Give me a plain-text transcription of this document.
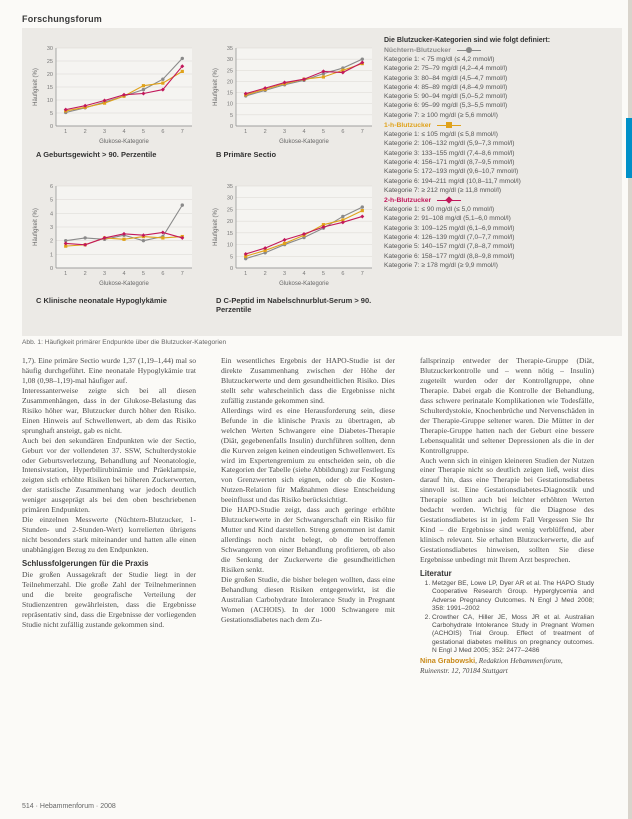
Forschungsforum
0
5
10
15
20
25
30
1	2	3	4	5	6	7
Glukose-Kategorie
Häufigkeit (%)
A Geburtsgewicht > 90. Perzentile
0
5
10
15
20
25
30
35
1	2	3	4	5	6	7
Glukose-Kategorie
Häufigkeit (%)
B Primäre Sectio
0
1
2
3
4
5
6
1	2	3	4	5	6	7
Glukose-Kategorie
Häufigkeit (%)
C Klinische neonatale Hypoglykämie
0
5
10
15
20
25
30
35
1	2	3	4	5	6	7
Glukose-Kategorie
Häufigkeit (%)
D C-Peptid im Nabelschnurblut-Serum > 90. Perzentile
Die Blutzucker-Kategorien sind wie folgt definiert:
Nüchtern-Blutzucker
Kategorie 1: < 75 mg/dl (≤ 4,2 mmol/l)
Kategorie 2: 75–79 mg/dl (4,2–4,4 mmol/l)
Kategorie 3: 80–84 mg/dl (4,5–4,7 mmol/l)
Kategorie 4: 85–89 mg/dl (4,8–4,9 mmol/l)
Kategorie 5: 90–94 mg/dl (5,0–5,2 mmol/l)
Kategorie 6: 95–99 mg/dl (5,3–5,5 mmol/l)
Kategorie 7: ≥ 100 mg/dl (≥ 5,6 mmol/l)
1-h-Blutzucker
Kategorie 1: ≤ 105 mg/dl (≤ 5,8 mmol/l)
Kategorie 2: 106–132 mg/dl (5,9–7,3 mmol/l)
Kategorie 3: 133–155 mg/dl (7,4–8,6 mmol/l)
Kategorie 4: 156–171 mg/dl (8,7–9,5 mmol/l)
Kategorie 5: 172–193 mg/dl (9,6–10,7 mmol/l)
Kategorie 6: 194–211 mg/dl (10,8–11,7 mmol/l)
Kategorie 7: ≥ 212 mg/dl (≥ 11,8 mmol/l)
2-h-Blutzucker
Kategorie 1: ≤ 90 mg/dl (≤ 5,0 mmol/l)
Kategorie 2: 91–108 mg/dl (5,1–6,0 mmol/l)
Kategorie 3: 109–125 mg/dl (6,1–6,9 mmol/l)
Kategorie 4: 126–139 mg/dl (7,0–7,7 mmol/l)
Kategorie 5: 140–157 mg/dl (7,8–8,7 mmol/l)
Kategorie 6: 158–177 mg/dl (8,8–9,8 mmol/l)
Kategorie 7: ≥ 178 mg/dl (≥ 9,9 mmol/l)
Abb. 1: Häufigkeit primärer Endpunkte über die Blutzucker-Kategorien

1,7). Eine primäre Sectio wurde 1,37 (1,19–1,44) mal so häufig durchgeführt. Eine neonatale Hypoglykämie trat 1,08 (0,98–1,19)-mal häufiger auf.

Interessanterweise zeigte sich bei all diesen Zusammenhängen, dass in der Glukose-Belastung das Risiko höher war, Blutzucker durch höher den Risiko. Einen Hinweis auf Schwellenwert, ab dem das Risiko sprunghaft ansteigt, gab es nicht.

Auch bei den sekundären Endpunkten wie der Sectio, Geburt vor der vollendeten 37. SSW, Schulterdystokie oder Geburtsverletzung, Behandlung auf Neonatologie, Intensivstation, Hyperbilirubinämie und Präeklampsie, zeigten sich erhöhte Risiken bei höheren Zuckerwerten, der statistische Zusammenhang war jedoch deutlich weniger ausgeprägt als bei den oben beschriebenen primären Endpunkten.

Die einzelnen Messwerte (Nüchtern-Blutzucker, 1-Stunden- und 2-Stunden-Wert) korrelierten übrigens nicht besonders stark miteinander und hatten alle einen unabhängigen Bezug zu den Endpunkten.

Schlussfolgerungen für die Praxis

Die großen Aussagekraft der Studie liegt in der Teilnehmerzahl. Die große Zahl der Teilnehmerinnen und die breite geografische Verteilung der Studienzentren gewährleisten, dass die Ergebnisse repräsentativ sind, dass die Ergebnisse der vorliegenden Studie nicht zufällig zustande gekommen sind.

Ein wesentliches Ergebnis der HAPO-Studie ist der direkte Zusammenhang zwischen der Höhe der Blutzuckerwerte und dem gesundheitlichen Risiko. Dies stellt sehr wahrscheinlich dass die Ergebnisse nicht zufällig zustande gekommen sind.

Allerdings wird es eine Herausforderung sein, diese Befunde in die klinische Praxis zu übertragen, ab welchen Werten Schwangere eine Diabetes-Therapie (Diät, gegebenenfalls Insulin) durchführen sollten, denn die Kurven zeigen keinen eindeutigen Schwellenwert. Es wird im Expertengremium zu entscheiden sein, ob die Kategorien der Tabelle (siehe Abbildung) zur Festlegung von Grenzwerten sich eignen, oder ob die Kosten-Nutzen-Relation für Maßnahmen diese Entscheidung beeinflusst und das Risiko berücksichtigt.

Die HAPO-Studie zeigt, dass auch geringe erhöhte Blutzuckerwerte in der Schwangerschaft ein Risiko für Mutter und Kind darstellen. Streng genommen ist damit allerdings noch nicht belegt, ob die betroffenen Schwangeren von einer Behandlung profitieren, ob also die Senkung der Zuckerwerte die gesundheitlichen Risiken senkt.

Die großen Studie, die bisher belegen wollten, dass eine Behandlung diesen Risiken entgegenwirkt, ist die Australian Carbohydrate Intolerance Study in Pregnant Women (ACHOIS). In der 1000 Schwangere mit Gestationsdiabetes nach dem Zu-

fallsprinzip entweder der Therapie-Gruppe (Diät, Blutzuckerkontrolle und – wenn nötig – Insulin) zugeteilt wurden oder der Kontrollgruppe, ohne Therapie. Dabei ergab die Kontrolle der Behandlung, dass schwere perinatale Komplikationen wie Todesfälle, Schulterdystokie, Knochenbrüche und Nervenschäden in der Therapie-Gruppe seltener waren. Die Mütter in der Therapie-Gruppe hatten nach der Geburt eine bessere Lebensqualität und seltener Depressionen als die in der Kontrollgruppe.

Auch wenn sich in einigen kleineren Studien der Nutzen einer Therapie nicht so deutlich zeigen ließ, weist dies darauf hin, dass eine Therapie bei Gestationsdiabetes sinnvoll ist. Eine Gestationsdiabetes-Diagnostik und Therapie sollten auch bei leichter erhöhten Werten bedacht werden. Wichtig für die Diagnose des Gestationsdiabetes ist in jedem Fall Vergessen Sie Ihr Kind – die Ergebnisse sind wenig verblüffend, aber klinisch relevant. Sie erhalten Blutzuckerwerte, die auf Gestationsdiabetes hinweisen, sollten Sie diese Ergebnisse unbedingt mit Ihrem Arzt besprechen.

Literatur
1. Metzger BE, Lowe LP, Dyer AR et al. The HAPO Study Cooperative Research Group. Hyperglycemia and Adverse Pregnancy Outcomes. N Engl J Med 2008; 358: 1991–2002
2. Crowther CA, Hiller JE, Moss JR et al. Australian Carbohydrate Intolerance Study in Pregnant Women (ACHOIS) Trial Group. Effect of treatment of gestational diabetes mellitus on pregnancy outcomes. N Engl J Med 2005; 352: 2477–2486
Nina Grabowski, Redaktion Hebammenforum,
Ruinenstr. 12, 70184 Stuttgart
514 · Hebammenforum · 2008
